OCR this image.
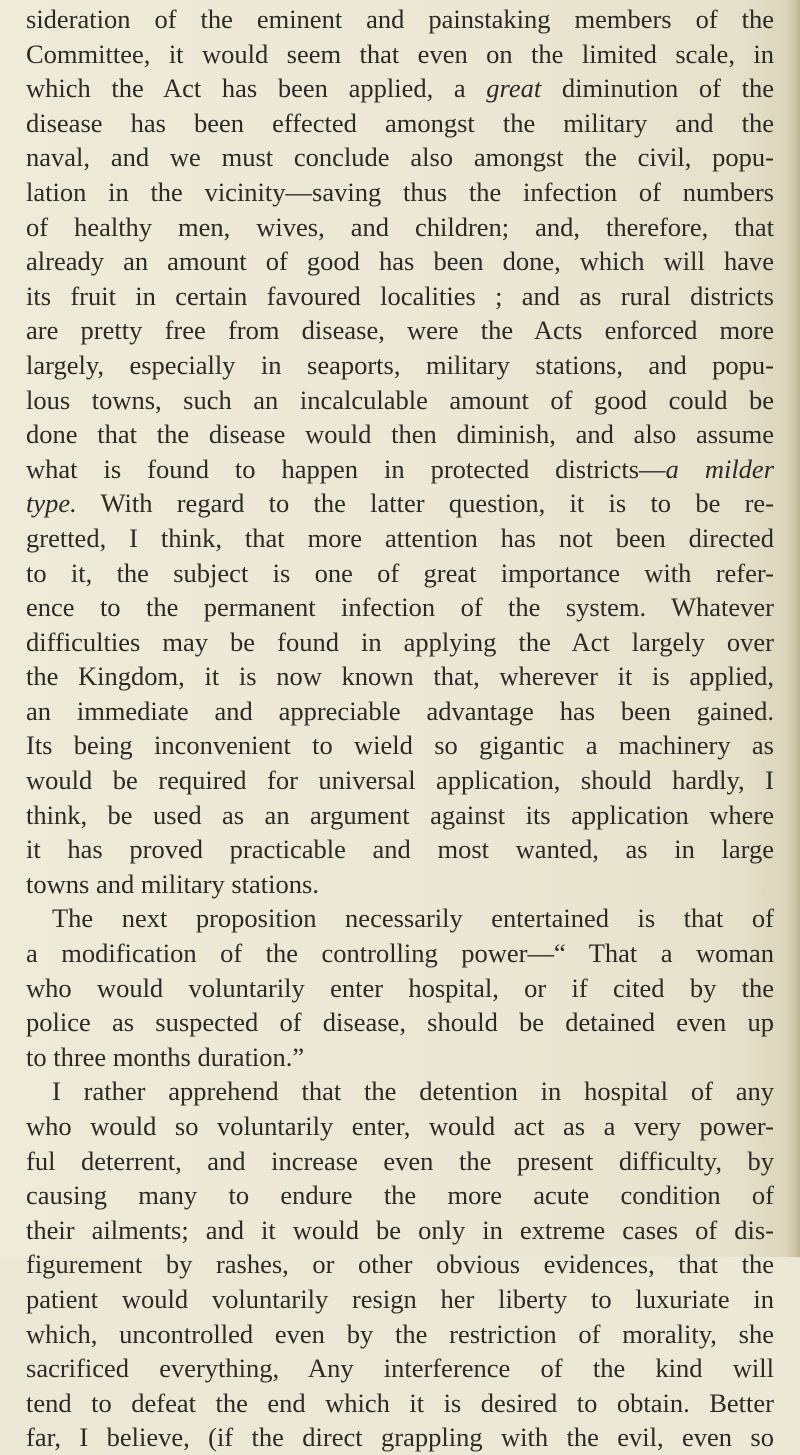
sideration of the eminent and painstaking members of the
Committee, it would seem that even on the limited scale, in
which the Act has been applied, a great diminution of the
disease has been effected amongst the military and the
naval, and we must conclude also amongst the civil, popu-
lation in the vicinity—saving thus the infection of numbers
of healthy men, wives, and children; and, therefore, that
already an amount of good has been done, which will have
its fruit in certain favoured localities ; and as rural districts
are pretty free from disease, were the Acts enforced more
largely, especially in seaports, military stations, and popu-
lous towns, such an incalculable amount of good could be
done that the disease would then diminish, and also assume
what is found to happen in protected districts—a milder
type. With regard to the latter question, it is to be re-
gretted, I think, that more attention has not been directed
to it, the subject is one of great importance with refer-
ence to the permanent infection of the system. Whatever
difficulties may be found in applying the Act largely over
the Kingdom, it is now known that, wherever it is applied,
an immediate and appreciable advantage has been gained.
Its being inconvenient to wield so gigantic a machinery as
would be required for universal application, should hardly, I
think, be used as an argument against its application where
it has proved practicable and most wanted, as in large
towns and military stations.
The next proposition necessarily entertained is that of
a modification of the controlling power—“ That a woman
who would voluntarily enter hospital, or if cited by the
police as suspected of disease, should be detained even up
to three months duration.”
I rather apprehend that the detention in hospital of any
who would so voluntarily enter, would act as a very power-
ful deterrent, and increase even the present difficulty, by
causing many to endure the more acute condition of
their ailments; and it would be only in extreme cases of dis-
figurement by rashes, or other obvious evidences, that the
patient would voluntarily resign her liberty to luxuriate in
which, uncontrolled even by the restriction of morality, she
sacrificed everything, Any interference of the kind will
tend to defeat the end which it is desired to obtain. Better
far, I believe, (if the direct grappling with the evil, even so
